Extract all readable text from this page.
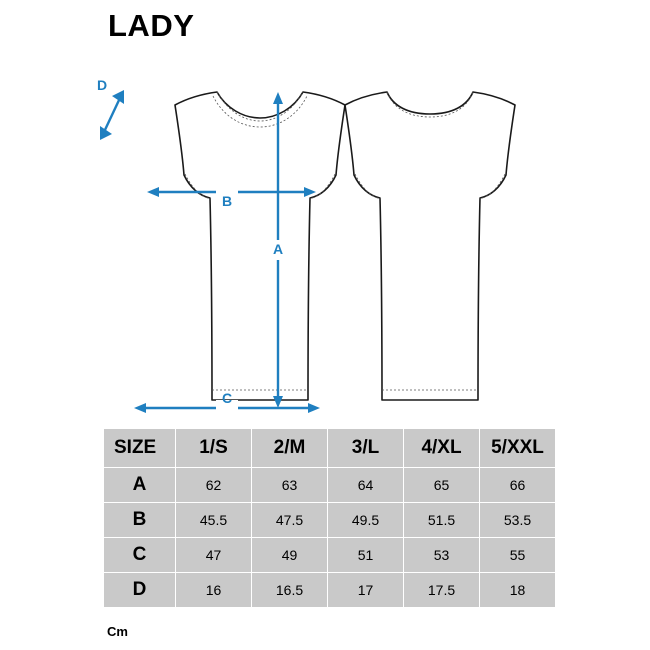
LADY
A
B
C
D
SIZE	1/S	2/M	3/L	4/XL	5/XXL
A	62	63	64	65	66
B	45.5	47.5	49.5	51.5	53.5
C	47	49	51	53	55
D	16	16.5	17	17.5	18
Cm
